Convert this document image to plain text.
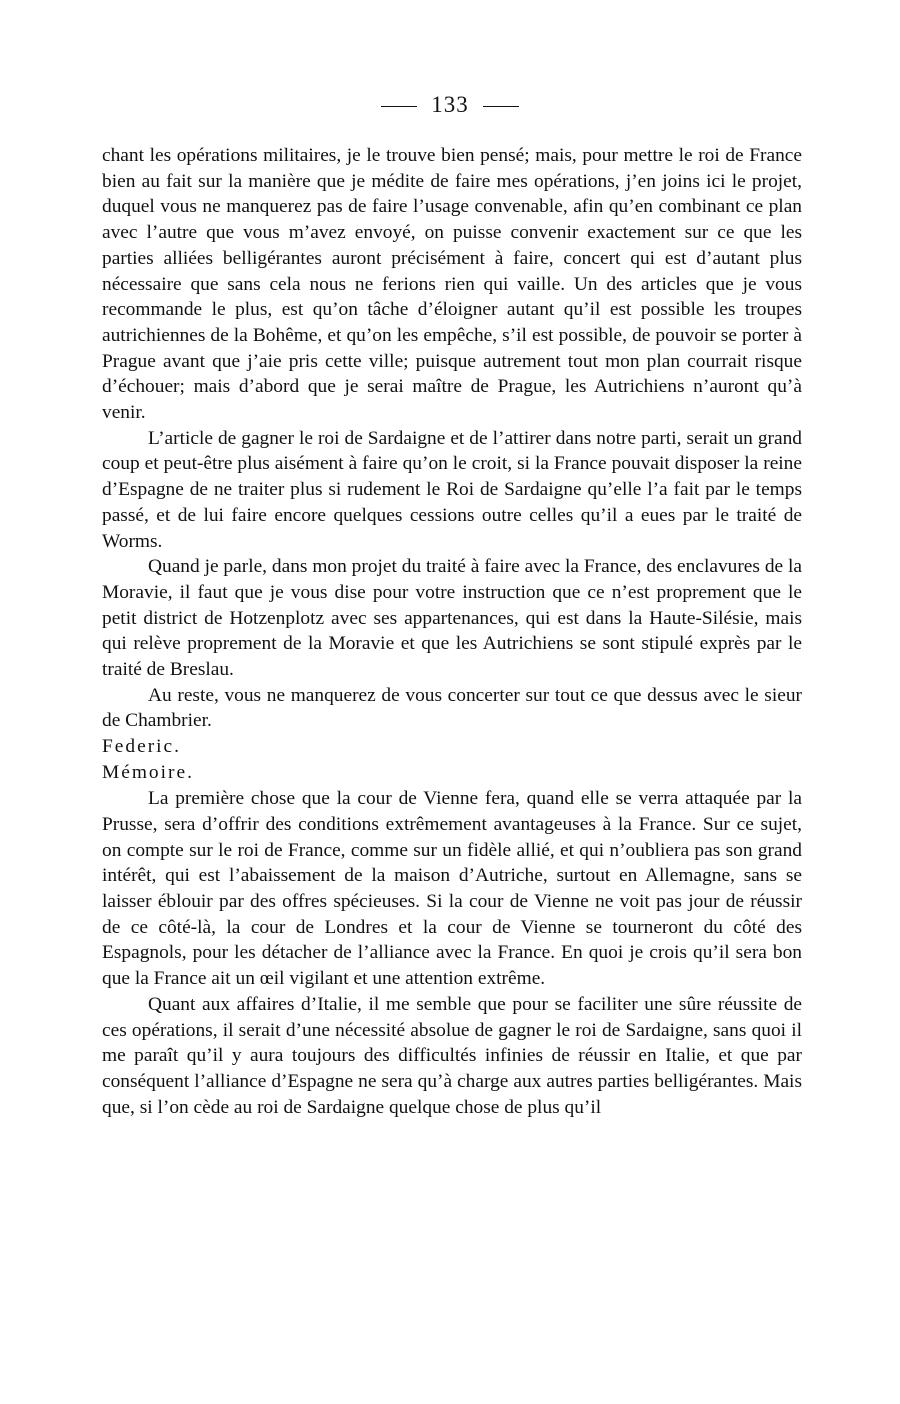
133

chant les opérations militaires, je le trouve bien pensé; mais, pour mettre le roi de France bien au fait sur la manière que je médite de faire mes opérations, j’en joins ici le projet, duquel vous ne manquerez pas de faire l’usage convenable, afin qu’en combinant ce plan avec l’autre que vous m’avez envoyé, on puisse convenir exactement sur ce que les parties alliées belligérantes auront précisément à faire, concert qui est d’autant plus nécessaire que sans cela nous ne ferions rien qui vaille. Un des articles que je vous recommande le plus, est qu’on tâche d’éloigner autant qu’il est possible les troupes autrichiennes de la Bohême, et qu’on les empêche, s’il est possible, de pouvoir se porter à Prague avant que j’aie pris cette ville; puisque autrement tout mon plan courrait risque d’échouer; mais d’abord que je serai maître de Prague, les Autrichiens n’auront qu’à venir.

L’article de gagner le roi de Sardaigne et de l’attirer dans notre parti, serait un grand coup et peut-être plus aisément à faire qu’on le croit, si la France pouvait disposer la reine d’Espagne de ne traiter plus si rudement le Roi de Sardaigne qu’elle l’a fait par le temps passé, et de lui faire encore quelques cessions outre celles qu’il a eues par le traité de Worms.

Quand je parle, dans mon projet du traité à faire avec la France, des enclavures de la Moravie, il faut que je vous dise pour votre instruction que ce n’est proprement que le petit district de Hotzenplotz avec ses appartenances, qui est dans la Haute-Silésie, mais qui relève proprement de la Moravie et que les Autrichiens se sont stipulé exprès par le traité de Breslau.

Au reste, vous ne manquerez de vous concerter sur tout ce que dessus avec le sieur de Chambrier.

Federic.

Mémoire.

La première chose que la cour de Vienne fera, quand elle se verra attaquée par la Prusse, sera d’offrir des conditions extrêmement avantageuses à la France. Sur ce sujet, on compte sur le roi de France, comme sur un fidèle allié, et qui n’oubliera pas son grand intérêt, qui est l’abaissement de la maison d’Autriche, surtout en Allemagne, sans se laisser éblouir par des offres spécieuses. Si la cour de Vienne ne voit pas jour de réussir de ce côté-là, la cour de Londres et la cour de Vienne se tourneront du côté des Espagnols, pour les détacher de l’alliance avec la France. En quoi je crois qu’il sera bon que la France ait un œil vigilant et une attention extrême.

Quant aux affaires d’Italie, il me semble que pour se faciliter une sûre réussite de ces opérations, il serait d’une nécessité absolue de gagner le roi de Sardaigne, sans quoi il me paraît qu’il y aura toujours des difficultés infinies de réussir en Italie, et que par conséquent l’alliance d’Espagne ne sera qu’à charge aux autres parties belligérantes. Mais que, si l’on cède au roi de Sardaigne quelque chose de plus qu’il
